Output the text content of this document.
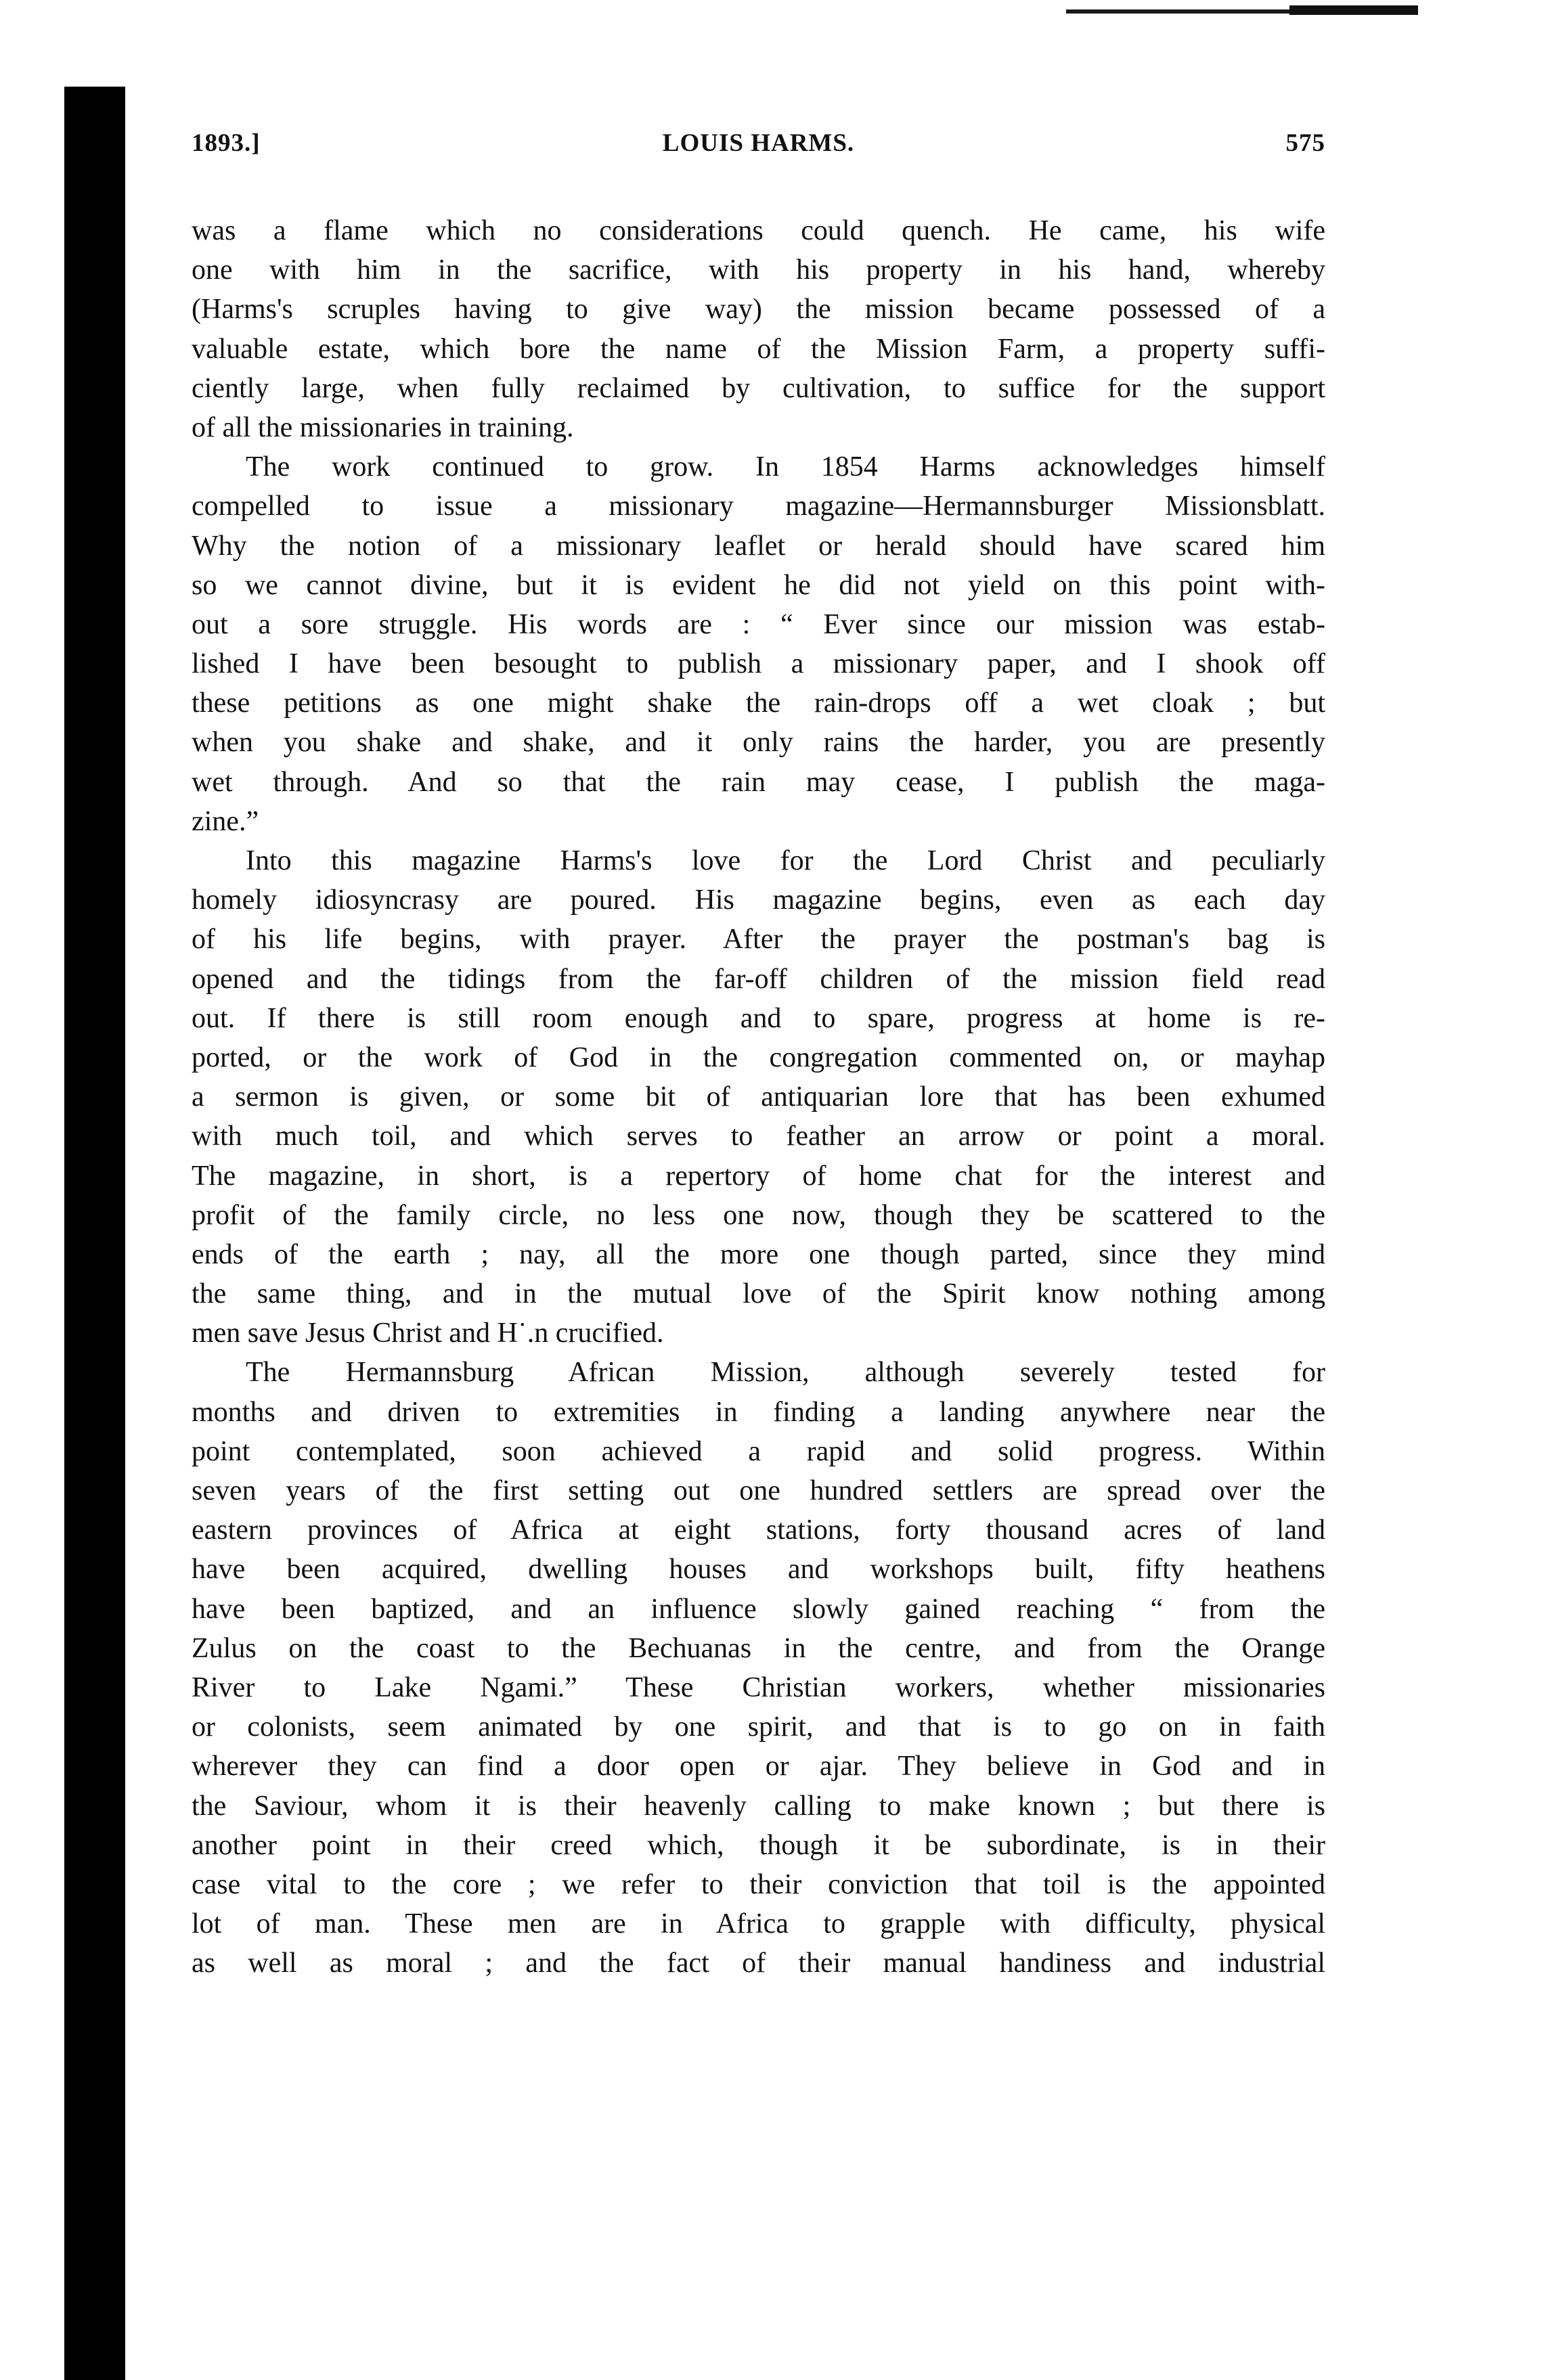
1893.]	LOUIS HARMS.	575
was a flame which no considerations could quench. He came, his wife
one with him in the sacrifice, with his property in his hand, whereby
(Harms's scruples having to give way) the mission became possessed of a
valuable estate, which bore the name of the Mission Farm, a property suffi-
ciently large, when fully reclaimed by cultivation, to suffice for the support
of all the missionaries in training.
The work continued to grow. In 1854 Harms acknowledges himself
compelled to issue a missionary magazine—Hermannsburger Missionsblatt.
Why the notion of a missionary leaflet or herald should have scared him
so we cannot divine, but it is evident he did not yield on this point with-
out a sore struggle. His words are : “ Ever since our mission was estab-
lished I have been besought to publish a missionary paper, and I shook off
these petitions as one might shake the rain-drops off a wet cloak ; but
when you shake and shake, and it only rains the harder, you are presently
wet through. And so that the rain may cease, I publish the maga-
zine.”
Into this magazine Harms's love for the Lord Christ and peculiarly
homely idiosyncrasy are poured. His magazine begins, even as each day
of his life begins, with prayer. After the prayer the postman's bag is
opened and the tidings from the far-off children of the mission field read
out. If there is still room enough and to spare, progress at home is re-
ported, or the work of God in the congregation commented on, or mayhap
a sermon is given, or some bit of antiquarian lore that has been exhumed
with much toil, and which serves to feather an arrow or point a moral.
The magazine, in short, is a repertory of home chat for the interest and
profit of the family circle, no less one now, though they be scattered to the
ends of the earth ; nay, all the more one though parted, since they mind
the same thing, and in the mutual love of the Spirit know nothing among
men save Jesus Christ and H˙.n crucified.
The Hermannsburg African Mission, although severely tested for
months and driven to extremities in finding a landing anywhere near the
point contemplated, soon achieved a rapid and solid progress. Within
seven years of the first setting out one hundred settlers are spread over the
eastern provinces of Africa at eight stations, forty thousand acres of land
have been acquired, dwelling houses and workshops built, fifty heathens
have been baptized, and an influence slowly gained reaching “ from the
Zulus on the coast to the Bechuanas in the centre, and from the Orange
River to Lake Ngami.” These Christian workers, whether missionaries
or colonists, seem animated by one spirit, and that is to go on in faith
wherever they can find a door open or ajar. They believe in God and in
the Saviour, whom it is their heavenly calling to make known ; but there is
another point in their creed which, though it be subordinate, is in their
case vital to the core ; we refer to their conviction that toil is the appointed
lot of man. These men are in Africa to grapple with difficulty, physical
as well as moral ; and the fact of their manual handiness and industrial
